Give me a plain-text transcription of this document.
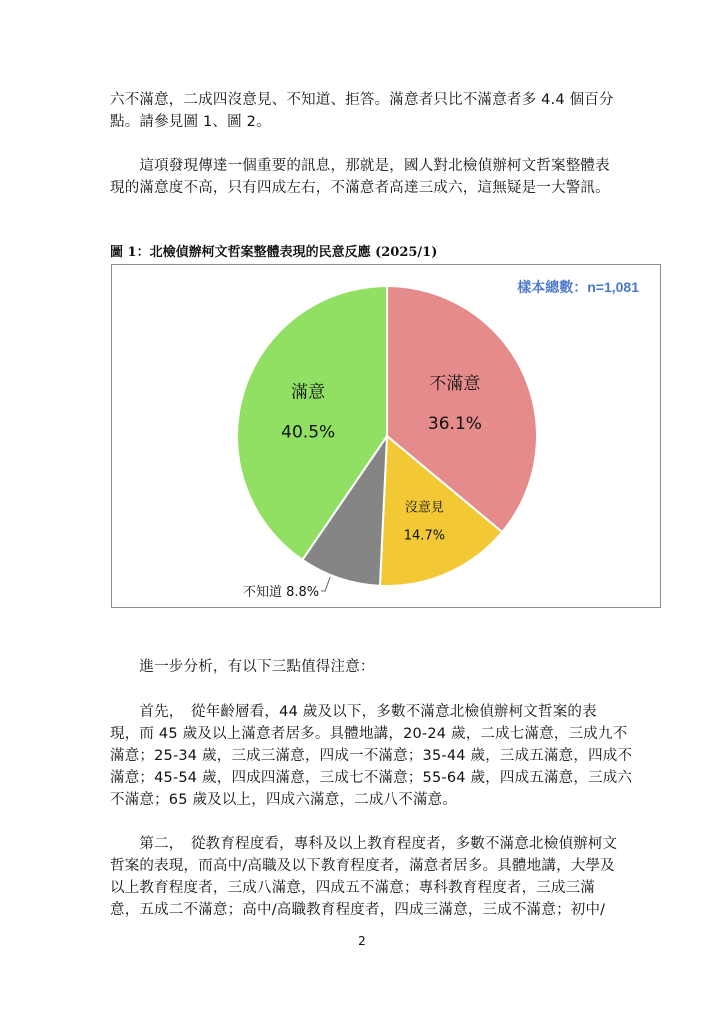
六不滿意，二成四沒意見、不知道、拒答。滿意者只比不滿意者多 4.4 個百分
點。請參見圖 1、圖 2。
　　這項發現傳達一個重要的訊息，那就是，國人對北檢偵辦柯文哲案整體表
現的滿意度不高，只有四成左右，不滿意者高達三成六，這無疑是一大警訊。
圖 1：北檢偵辦柯文哲案整體表現的民意反應 (2025/1)
不滿意
36.1%
沒意見
14.7%
不知道 8.8%
滿意
40.5%
樣本總數：n=1,081
　　進一步分析，有以下三點值得注意：
　　首先，　從年齡層看，44 歲及以下，多數不滿意北檢偵辦柯文哲案的表
現，而 45 歲及以上滿意者居多。具體地講，20-24 歲，二成七滿意，三成九不
滿意；25-34 歲，三成三滿意，四成一不滿意；35-44 歲，三成五滿意，四成不
滿意；45-54 歲，四成四滿意，三成七不滿意；55-64 歲，四成五滿意，三成六
不滿意；65 歲及以上，四成六滿意，二成八不滿意。
　　第二，　從教育程度看，專科及以上教育程度者，多數不滿意北檢偵辦柯文
哲案的表現，而高中/高職及以下教育程度者，滿意者居多。具體地講，大學及
以上教育程度者，三成八滿意，四成五不滿意；專科教育程度者，三成三滿
意，五成二不滿意；高中/高職教育程度者，四成三滿意，三成不滿意；初中/
2
